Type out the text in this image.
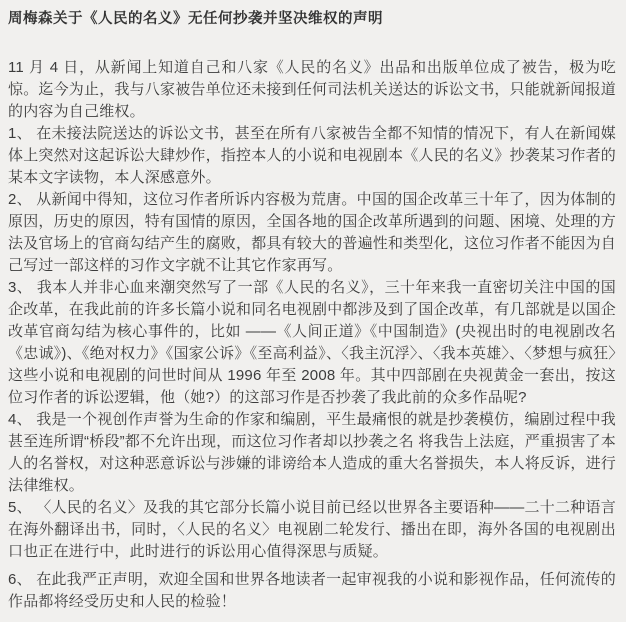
周梅森关于《人民的名义》无任何抄袭并坚决维权的声明

11 月 4 日，从新闻上知道自己和八家《人民的名义》出品和出版单位成了被告，极为吃惊。迄今为止，我与八家被告单位还未接到任何司法机关送达的诉讼文书，只能就新闻报道的内容为自己维权。

1、 在未接法院送达的诉讼文书，甚至在所有八家被告全都不知情的情况下，有人在新闻媒体上突然对这起诉讼大肆炒作，指控本人的小说和电视剧本《人民的名义》抄袭某习作者的某本文字读物，本人深感意外。

2、 从新闻中得知，这位习作者所诉内容极为荒唐。中国的国企改革三十年了，因为体制的原因，历史的原因，特有国情的原因，全国各地的国企改革所遇到的问题、困境、处理的方法及官场上的官商勾结产生的腐败，都具有较大的普遍性和类型化，这位习作者不能因为自己写过一部这样的习作文字就不让其它作家再写。

3、 我本人并非心血来潮突然写了一部《人民的名义》，三十年来我一直密切关注中国的国企改革，在我此前的许多长篇小说和同名电视剧中都涉及到了国企改革，有几部就是以国企改革官商勾结为核心事件的，比如 ——《人间正道》《中国制造》(央视出时的电视剧改名《忠诚》)、《绝对权力》《国家公诉》《至高利益》、〈我主沉浮〉、〈我本英雄〉、〈梦想与疯狂〉这些小说和电视剧的问世时间从 1996 年至 2008 年。其中四部剧在央视黄金一套出，按这位习作者的诉讼逻辑，他（她?）的这部习作是否抄袭了我此前的众多作品呢?

4、 我是一个视创作声誉为生命的作家和编剧，平生最痛恨的就是抄袭模仿，编剧过程中我甚至连所谓“桥段”都不允许出现，而这位习作者却以抄袭之名 将我告上法庭，严重损害了本人的名誉权，对这种恶意诉讼与涉嫌的诽谤给本人造成的重大名誉损失，本人将反诉，进行法律维权。

5、 〈人民的名义〉及我的其它部分长篇小说目前已经以世界各主要语种——二十二种语言在海外翻译出书，同时，〈人民的名义〉电视剧二轮发行、播出在即，海外各国的电视剧出口也正在进行中，此时进行的诉讼用心值得深思与质疑。

6、 在此我严正声明，欢迎全国和世界各地读者一起审视我的小说和影视作品，任何流传的作品都将经受历史和人民的检验！
